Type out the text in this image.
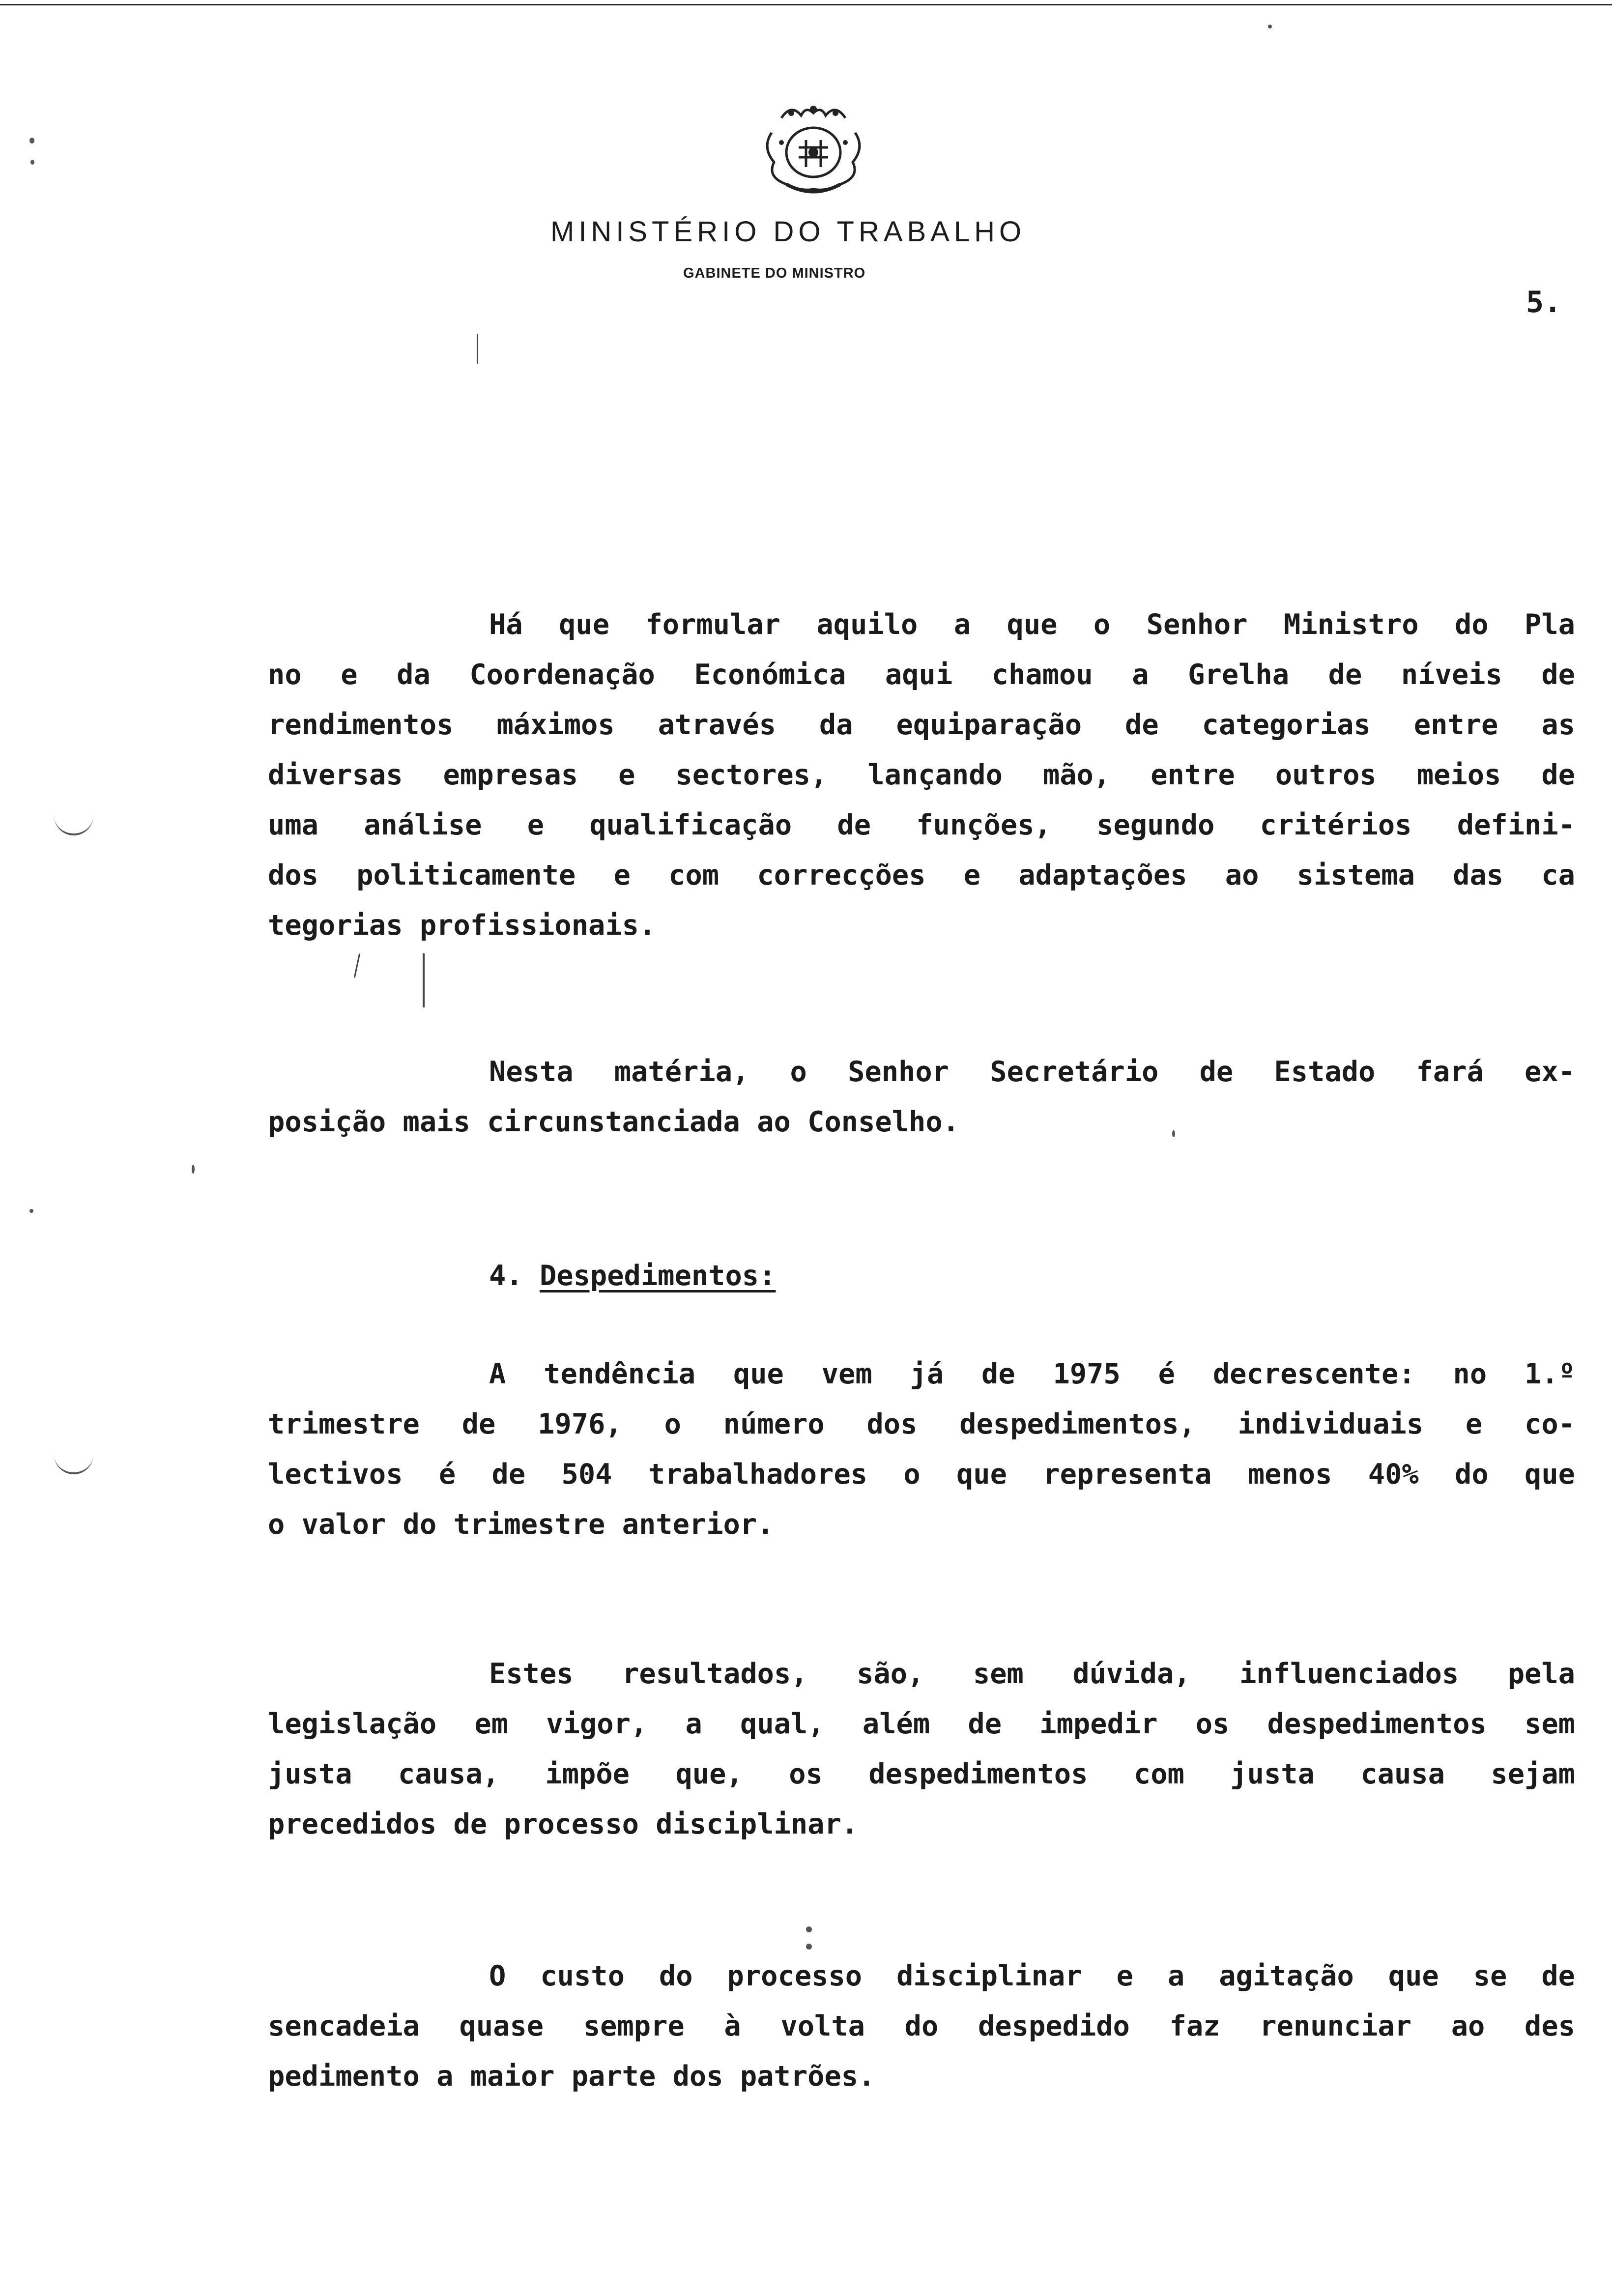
MINISTÉRIO DO TRABALHO
GABINETE DO MINISTRO
5.
Há que formular aquilo a que o Senhor Ministro do Pla
no e da Coordenação Económica aqui chamou a Grelha de níveis de
rendimentos máximos através da equiparação de categorias entre as
diversas empresas e sectores, lançando mão, entre outros meios de
uma análise e qualificação de funções, segundo critérios defini-
dos politicamente e com correcções e adaptações ao sistema das ca
tegorias profissionais.
Nesta matéria, o Senhor Secretário de Estado fará ex-
posição mais circunstanciada ao Conselho.
4. Despedimentos:
A tendência que vem já de 1975 é decrescente: no 1.º
trimestre de 1976, o número dos despedimentos, individuais e co-
lectivos é de 504 trabalhadores o que representa menos 40% do que
o valor do trimestre anterior.
Estes resultados, são, sem dúvida, influenciados pela
legislação em vigor, a qual, além de impedir os despedimentos sem
justa causa, impõe que, os despedimentos com justa causa sejam
precedidos de processo disciplinar.
O custo do processo disciplinar e a agitação que se de
sencadeia quase sempre à volta do despedido faz renunciar ao des
pedimento a maior parte dos patrões.
